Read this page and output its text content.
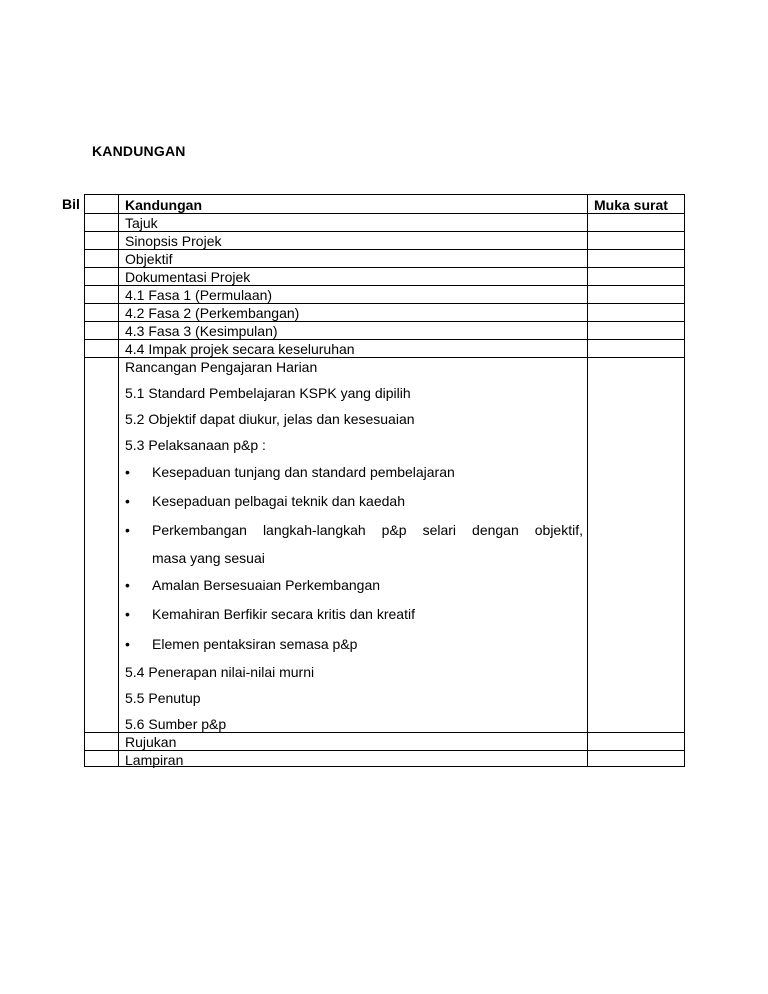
KANDUNGAN
Bil	Kandungan	Muka surat
Tajuk
Sinopsis Projek
Objektif
Dokumentasi Projek
4.1 Fasa 1 (Permulaan)
4.2 Fasa 2 (Perkembangan)
4.3 Fasa 3 (Kesimpulan)
4.4 Impak projek secara keseluruhan
Rancangan Pengajaran Harian
5.1 Standard Pembelajaran KSPK yang dipilih
5.2 Objektif dapat diukur, jelas dan kesesuaian
5.3 Pelaksanaan p&p :
• Kesepaduan tunjang dan standard pembelajaran
• Kesepaduan pelbagai teknik dan kaedah
• Perkembangan langkah-langkah p&p selari dengan objektif,
masa yang sesuai
• Amalan Bersesuaian Perkembangan
• Kemahiran Berfikir secara kritis dan kreatif
• Elemen pentaksiran semasa p&p
5.4 Penerapan nilai-nilai murni
5.5 Penutup
5.6 Sumber p&p
Rujukan
Lampiran
